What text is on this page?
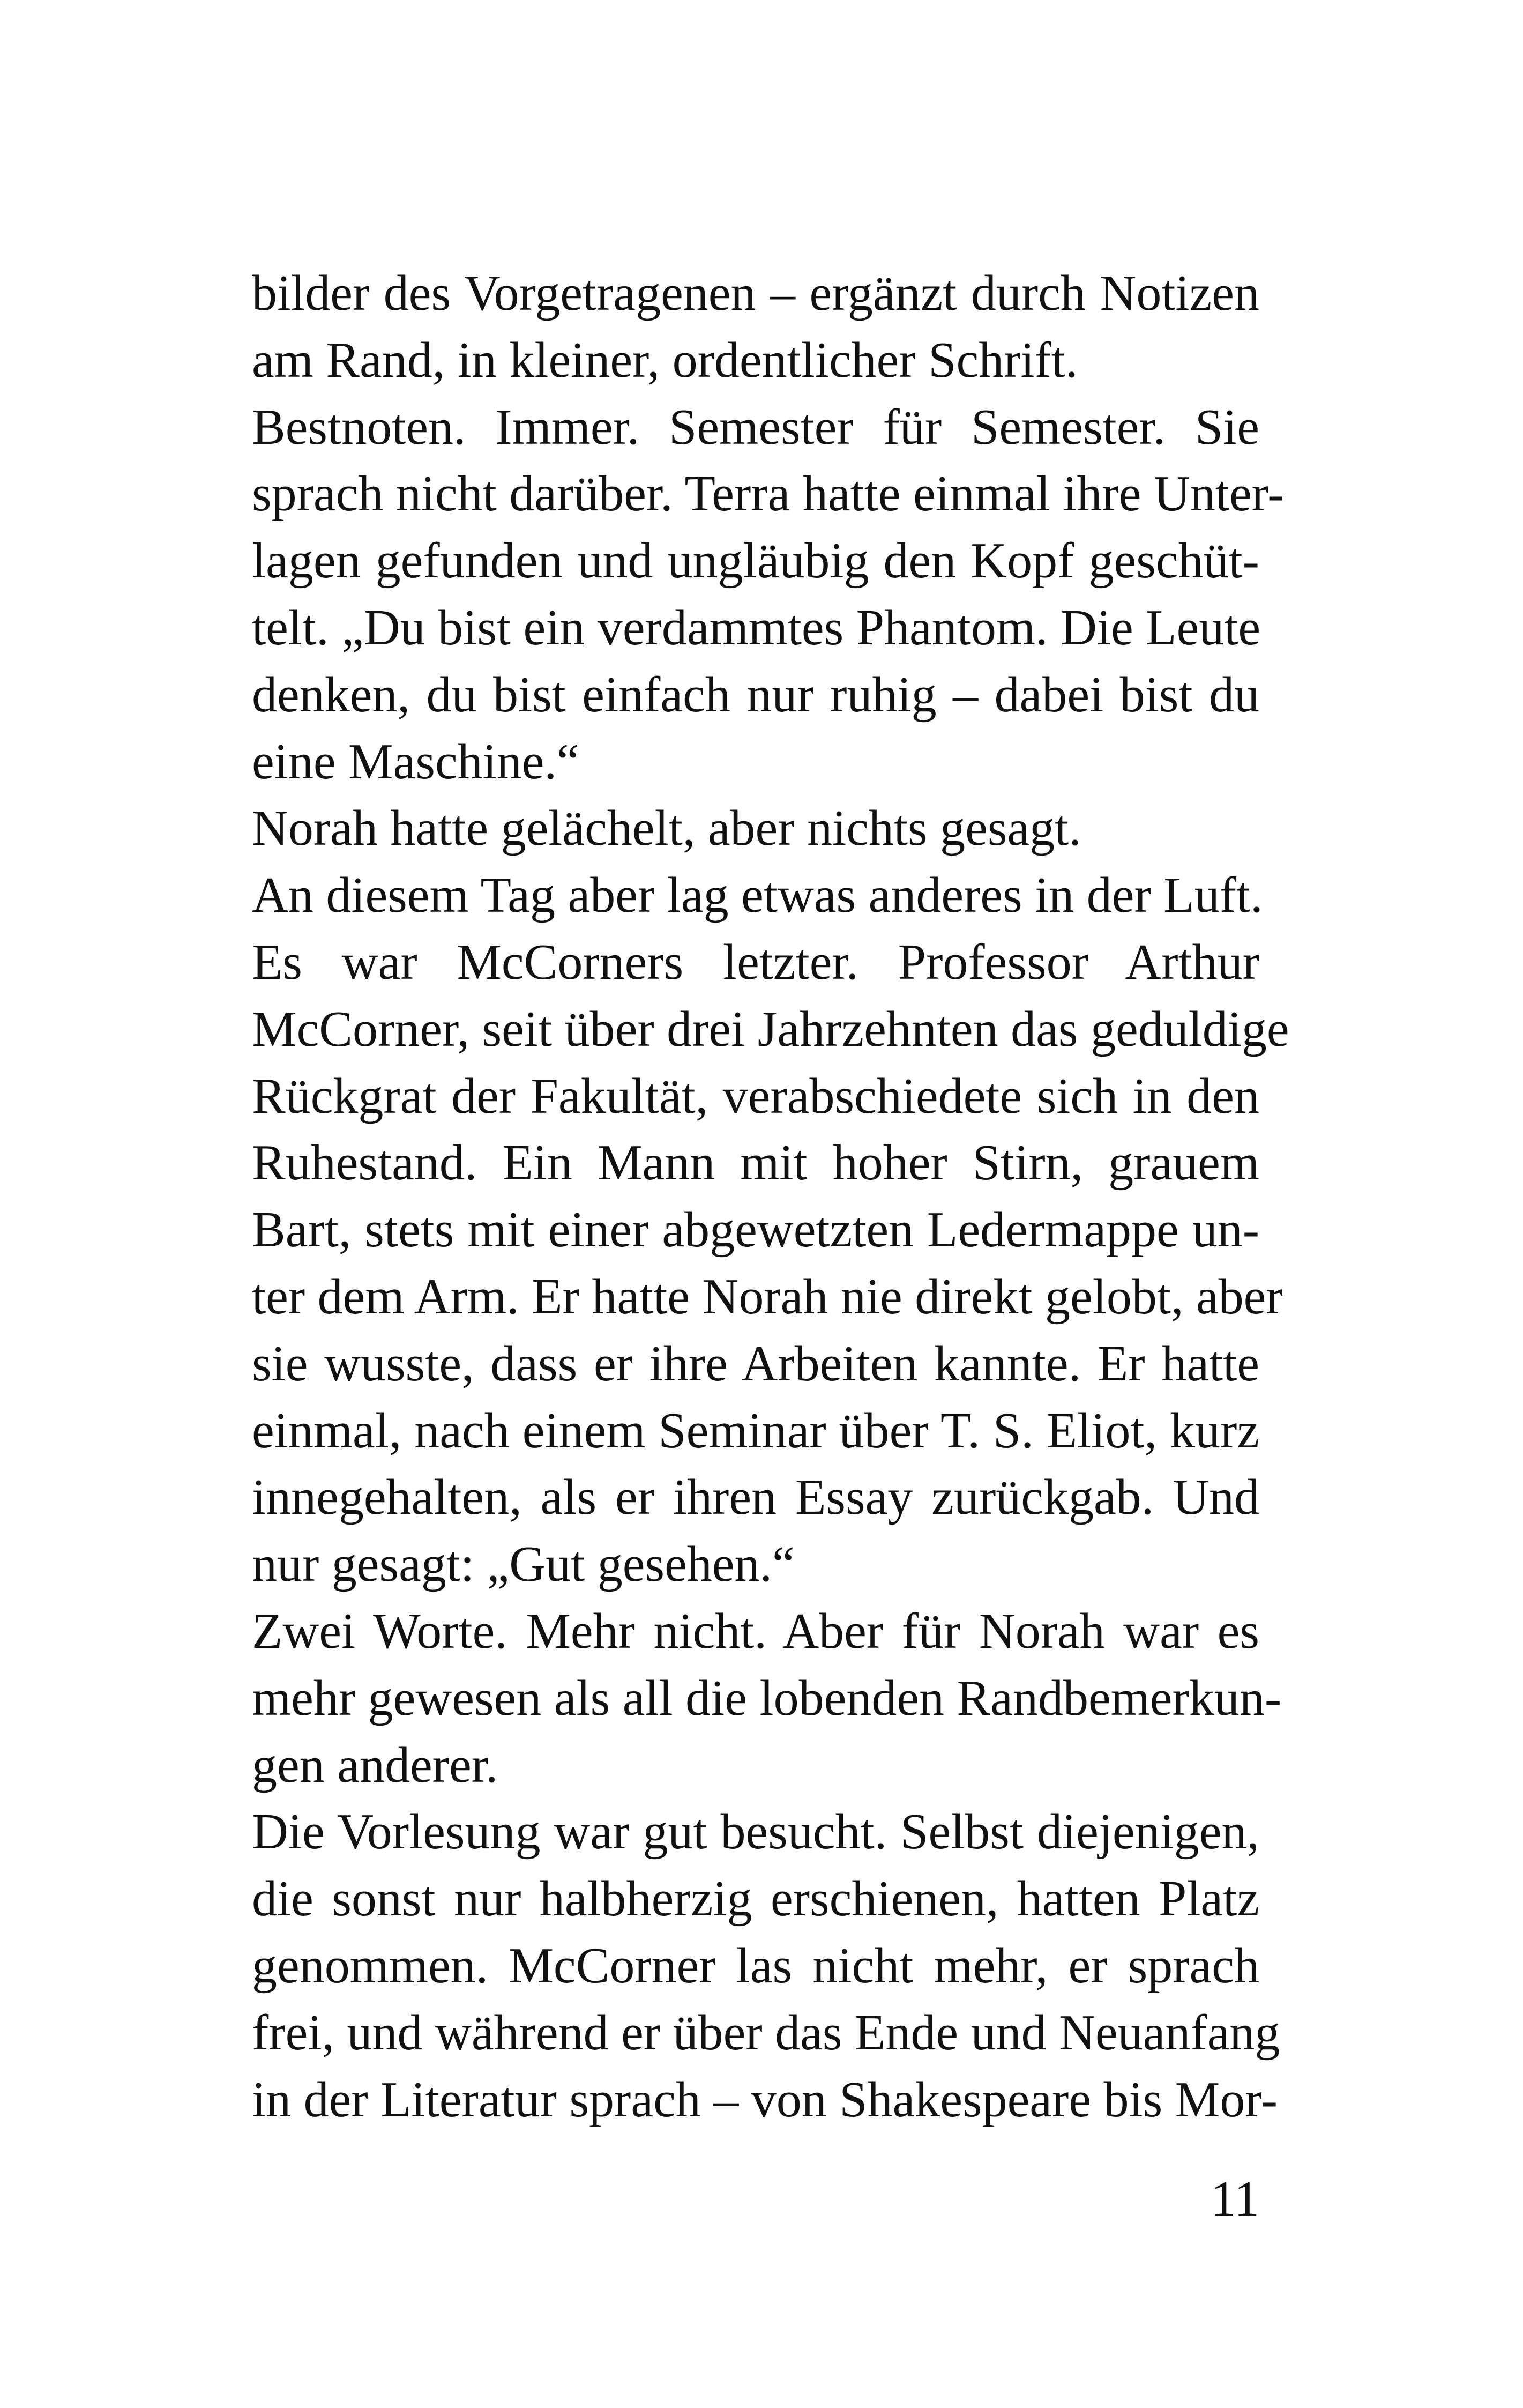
bilder des Vorgetragenen – ergänzt durch Notizen
am Rand, in kleiner, ordentlicher Schrift.
Bestnoten. Immer. Semester für Semester. Sie
sprach nicht darüber. Terra hatte einmal ihre Unter-
lagen gefunden und ungläubig den Kopf geschüt-
telt. „Du bist ein verdammtes Phantom. Die Leute
denken, du bist einfach nur ruhig – dabei bist du
eine Maschine.“
Norah hatte gelächelt, aber nichts gesagt.
An diesem Tag aber lag etwas anderes in der Luft.
Es war McCorners letzter. Professor Arthur
McCorner, seit über drei Jahrzehnten das geduldige
Rückgrat der Fakultät, verabschiedete sich in den
Ruhestand. Ein Mann mit hoher Stirn, grauem
Bart, stets mit einer abgewetzten Ledermappe un-
ter dem Arm. Er hatte Norah nie direkt gelobt, aber
sie wusste, dass er ihre Arbeiten kannte. Er hatte
einmal, nach einem Seminar über T. S. Eliot, kurz
innegehalten, als er ihren Essay zurückgab. Und
nur gesagt: „Gut gesehen.“
Zwei Worte. Mehr nicht. Aber für Norah war es
mehr gewesen als all die lobenden Randbemerkun-
gen anderer.
Die Vorlesung war gut besucht. Selbst diejenigen,
die sonst nur halbherzig erschienen, hatten Platz
genommen. McCorner las nicht mehr, er sprach
frei, und während er über das Ende und Neuanfang
in der Literatur sprach – von Shakespeare bis Mor-
11
